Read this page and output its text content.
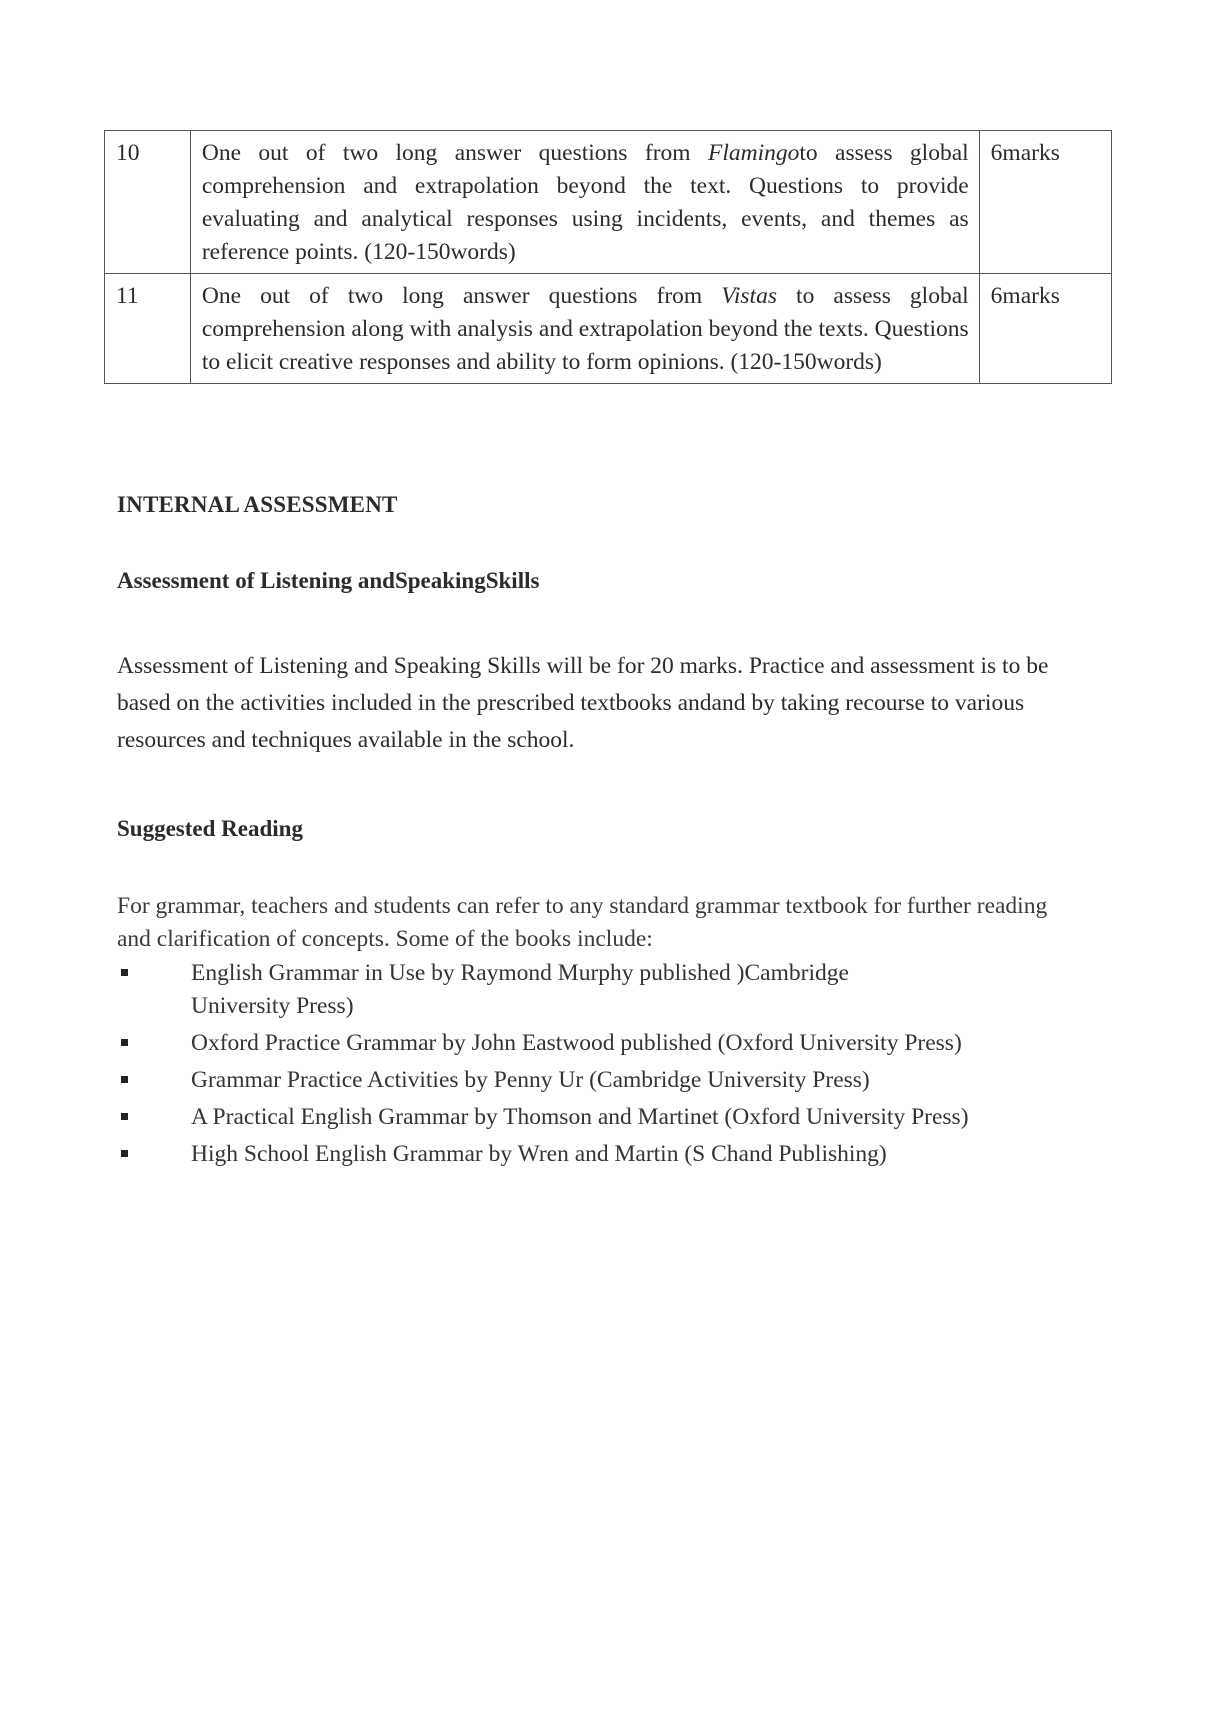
10	One out of two long answer questions from Flamingoto assess global comprehension and extrapolation beyond the text. Questions to provide evaluating and analytical responses using incidents, events, and themes as reference points. (120-150words)	6marks
11	One out of two long answer questions from Vistas to assess global comprehension along with analysis and extrapolation beyond the texts. Questions to elicit creative responses and ability to form opinions. (120-150words)	6marks
INTERNAL ASSESSMENT
Assessment of Listening andSpeakingSkills
Assessment of Listening and Speaking Skills will be for 20 marks. Practice and assessment is to be based on the activities included in the prescribed textbooks andand by taking recourse to various resources and techniques available in the school.
Suggested Reading
For grammar, teachers and students can refer to any standard grammar textbook for further reading and clarification of concepts. Some of the books include:
English Grammar in Use by Raymond Murphy published )Cambridge University Press)
Oxford Practice Grammar by John Eastwood published (Oxford University Press)
Grammar Practice Activities by Penny Ur (Cambridge University Press)
A Practical English Grammar by Thomson and Martinet (Oxford University Press)
High School English Grammar by Wren and Martin (S Chand Publishing)
